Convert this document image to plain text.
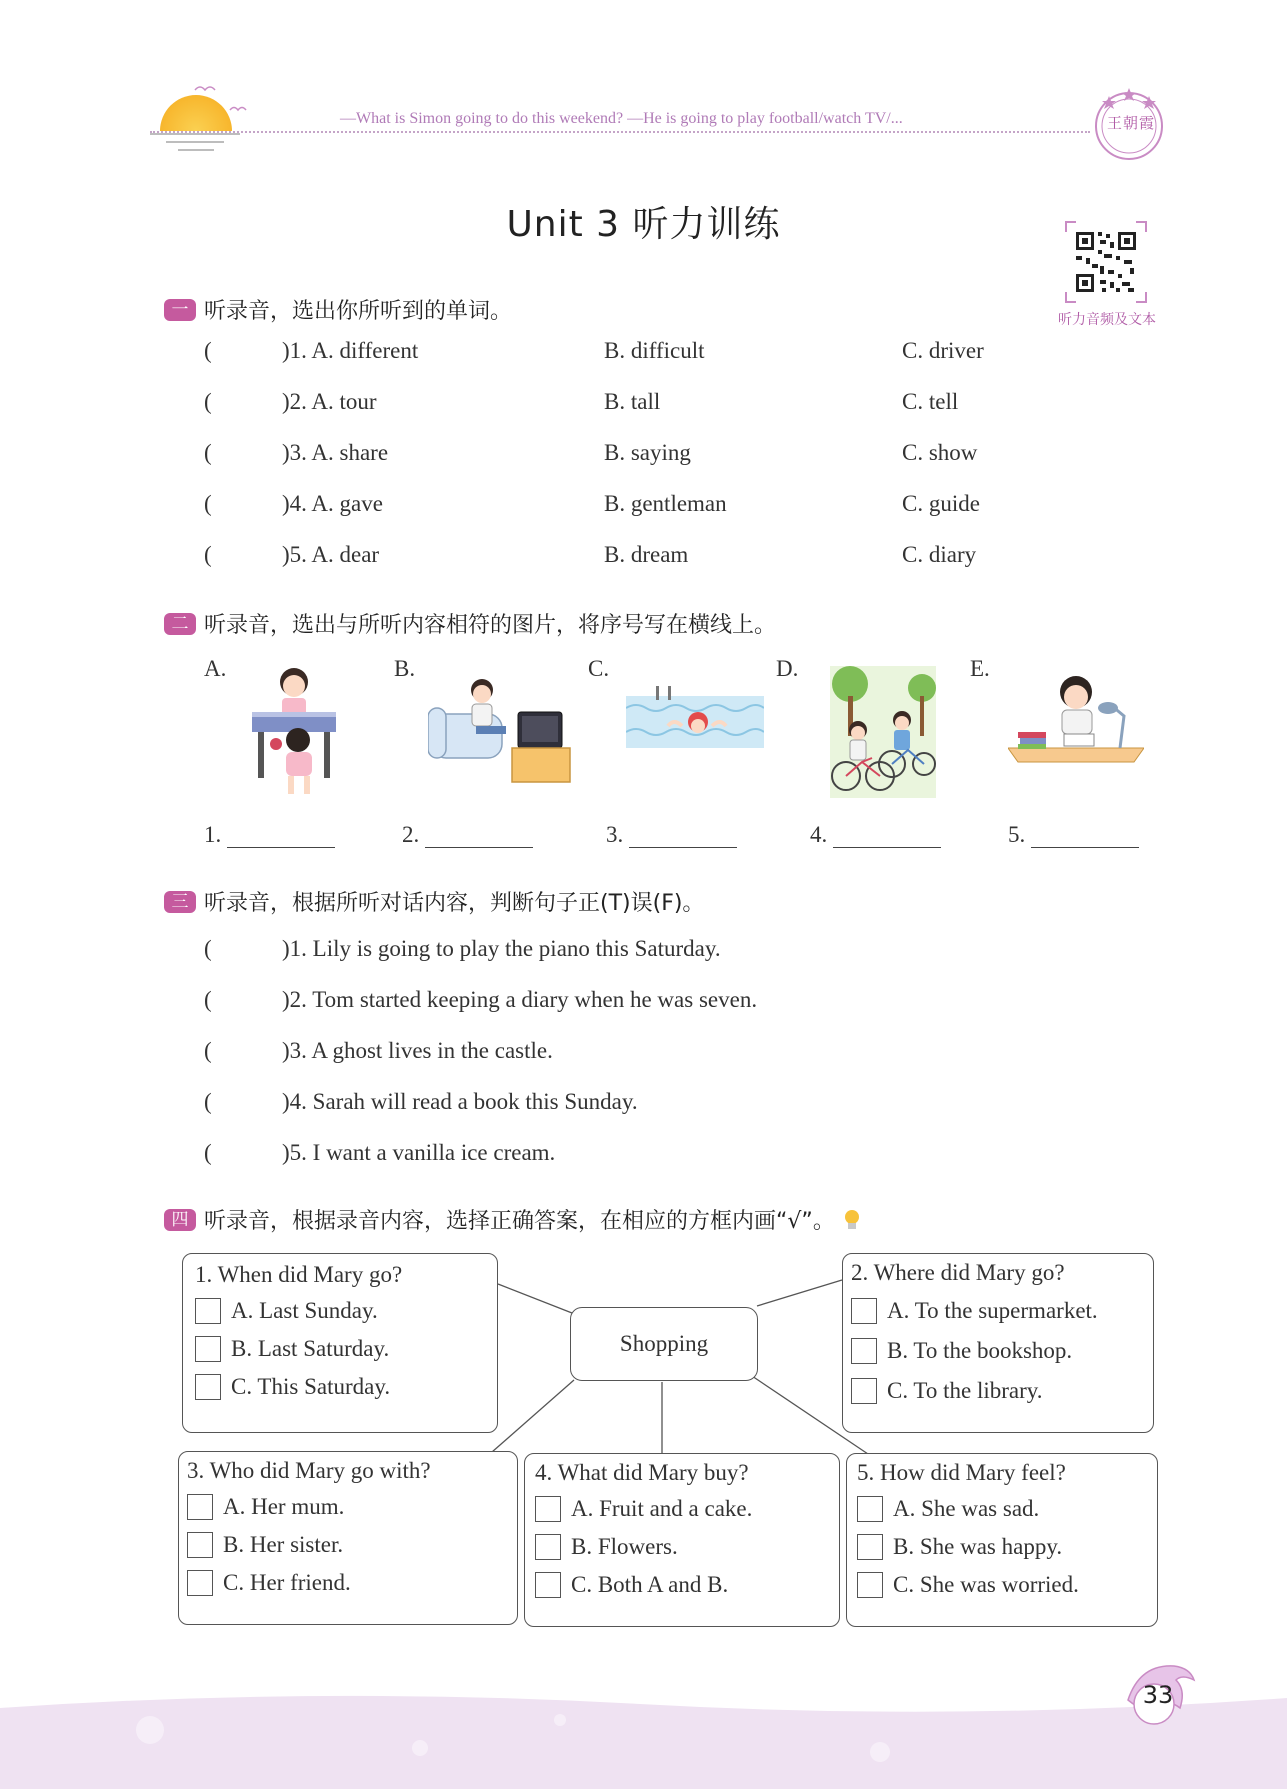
—What is Simon going to do this weekend? —He is going to play football/watch TV/...	王朝霞
Unit 3 听力训练
听力音频及文本
一 听录音，选出你所听到的单词。
(	)1. A. different	B. difficult	C. driver
(	)2. A. tour	B. tall	C. tell
(	)3. A. share	B. saying	C. show
(	)4. A. gave	B. gentleman	C. guide
(	)5. A. dear	B. dream	C. diary
二 听录音，选出与所听内容相符的图片，将序号写在横线上。
A.	B.	C.	D.	E.
1.	2.	3.	4.	5.
三 听录音，根据所听对话内容，判断句子正(T)误(F)。
(	)1. Lily is going to play the piano this Saturday.
(	)2. Tom started keeping a diary when he was seven.
(	)3. A ghost lives in the castle.
(	)4. Sarah will read a book this Sunday.
(	)5. I want a vanilla ice cream.
四 听录音，根据录音内容，选择正确答案，在相应的方框内画“√”。
Shopping
1. When did Mary go?
A. Last Sunday.
B. Last Saturday.
C. This Saturday.
2. Where did Mary go?
A. To the supermarket.
B. To the bookshop.
C. To the library.
3. Who did Mary go with?
A. Her mum.
B. Her sister.
C. Her friend.
4. What did Mary buy?
A. Fruit and a cake.
B. Flowers.
C. Both A and B.
5. How did Mary feel?
A. She was sad.
B. She was happy.
C. She was worried.
33
